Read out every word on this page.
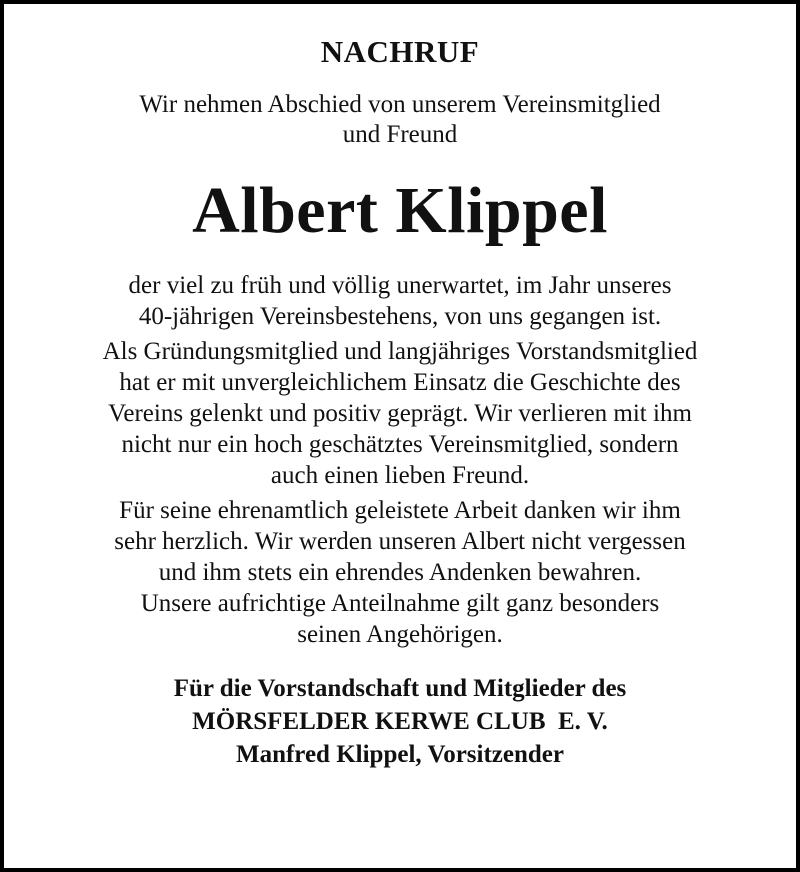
NACHRUF
Wir nehmen Abschied von unserem Vereinsmitglied
und Freund
Albert Klippel
der viel zu früh und völlig unerwartet, im Jahr unseres
40-jährigen Vereinsbestehens, von uns gegangen ist.
Als Gründungsmitglied und langjähriges Vorstandsmitglied
hat er mit unvergleichlichem Einsatz die Geschichte des
Vereins gelenkt und positiv geprägt. Wir verlieren mit ihm
nicht nur ein hoch geschätztes Vereinsmitglied, sondern
auch einen lieben Freund.
Für seine ehrenamtlich geleistete Arbeit danken wir ihm
sehr herzlich. Wir werden unseren Albert nicht vergessen
und ihm stets ein ehrendes Andenken bewahren.
Unsere aufrichtige Anteilnahme gilt ganz besonders
seinen Angehörigen.
Für die Vorstandschaft und Mitglieder des
MÖRSFELDER KERWE CLUB  E. V.
Manfred Klippel, Vorsitzender
